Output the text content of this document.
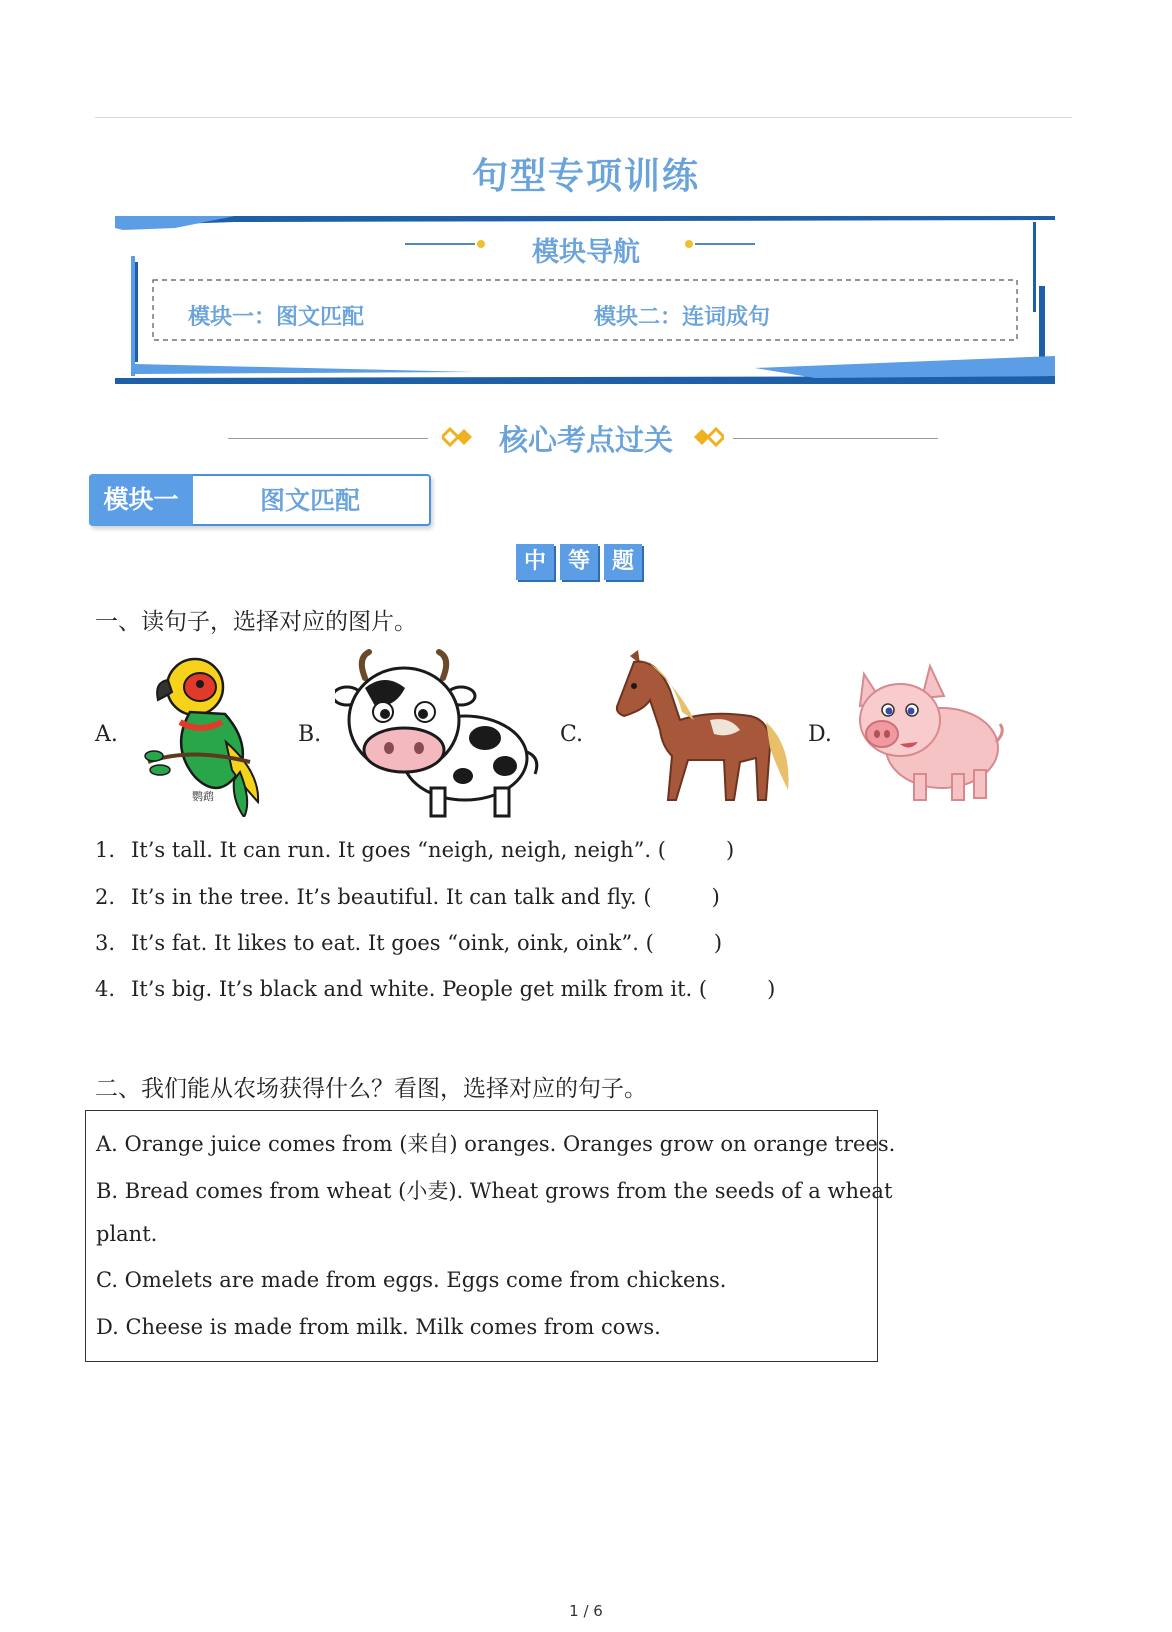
句型专项训练
模块导航
模块一：图文匹配	模块二：连词成句
核心考点过关
模块一	图文匹配
中 等 题
一、读句子，选择对应的图片。
A.
鹦鹉
B.	C.	D.
1. It’s tall. It can run. It goes “neigh, neigh, neigh”. (	)
2. It’s in the tree. It’s beautiful. It can talk and fly. (	)
3. It’s fat. It likes to eat. It goes “oink, oink, oink”. (	)
4. It’s big. It’s black and white. People get milk from it. (	)
二、我们能从农场获得什么？看图，选择对应的句子。
A. Orange juice comes from (来自) oranges. Oranges grow on orange trees.
B. Bread comes from wheat (小麦). Wheat grows from the seeds of a wheat
plant.
C. Omelets are made from eggs. Eggs come from chickens.
D. Cheese is made from milk. Milk comes from cows.
1 / 6
